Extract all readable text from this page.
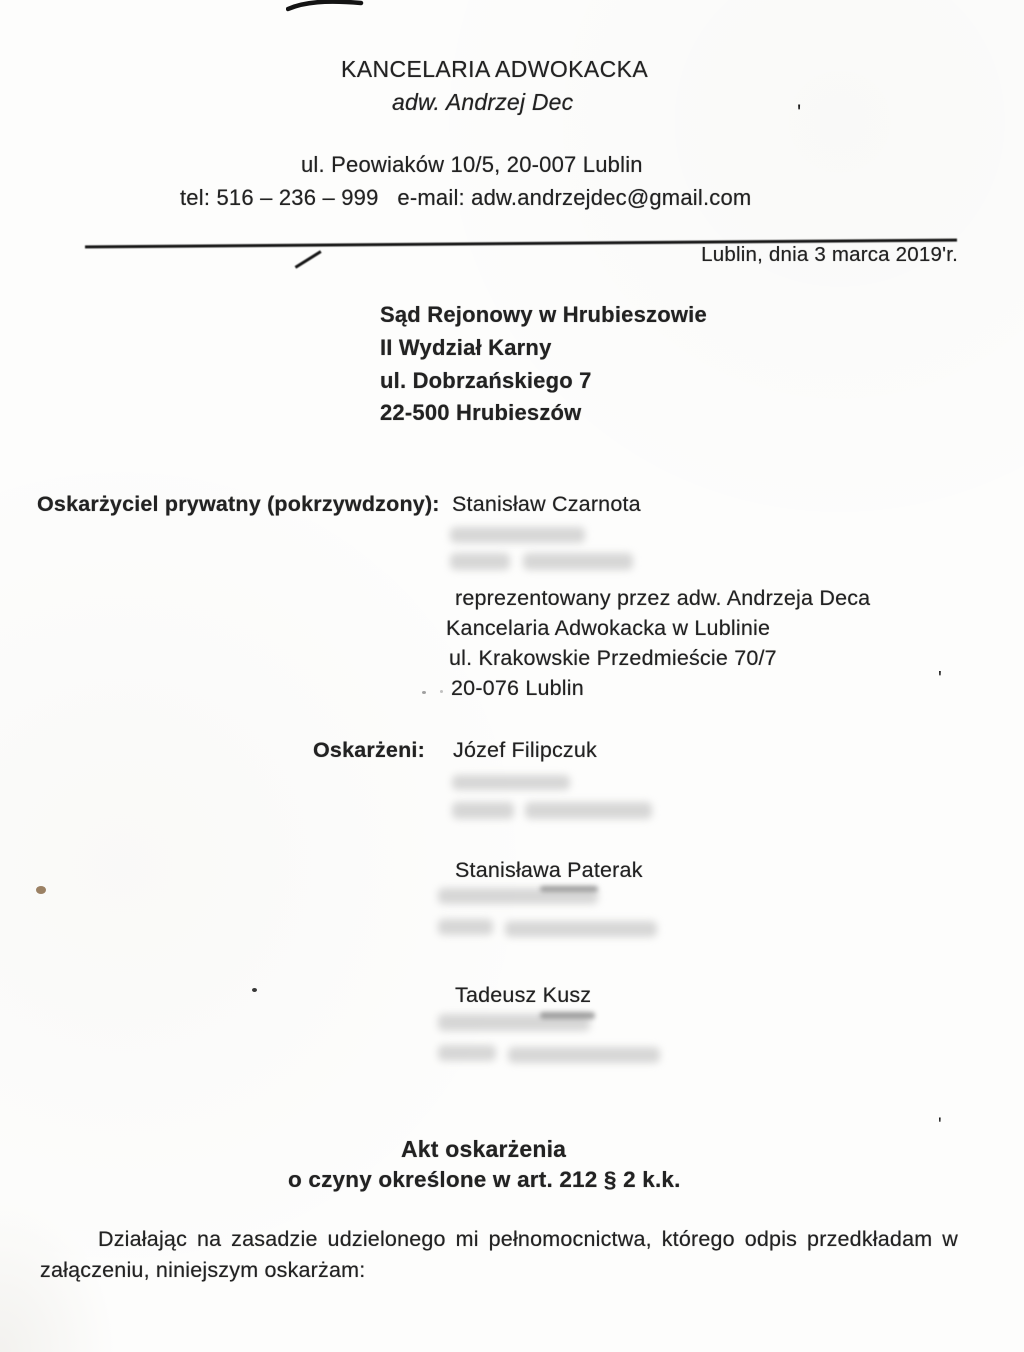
KANCELARIA ADWOKACKA
adw. Andrzej Dec	'
ul. Peowiaków 10/5, 20-007 Lublin
tel: 516 – 236 – 999   e-mail: adw.andrzejdec@gmail.com
Lublin, dnia 3 marca 2019'r.
Sąd Rejonowy w Hrubieszowie
II Wydział Karny
ul. Dobrzańskiego 7
22-500 Hrubieszów
Oskarżyciel prywatny (pokrzywdzony): Stanisław Czarnota
reprezentowany przez adw. Andrzeja Deca
Kancelaria Adwokacka w Lublinie
ul. Krakowskie Przedmieście 70/7
20-076 Lublin	'
Oskarżeni: Józef Filipczuk
Stanisława Paterak
Tadeusz Kusz
'
Akt oskarżenia
o czyny określone w art. 212 § 2 k.k.
Działając na zasadzie udzielonego mi pełnomocnictwa, którego odpis przedkładam w załączeniu, niniejszym oskarżam:
